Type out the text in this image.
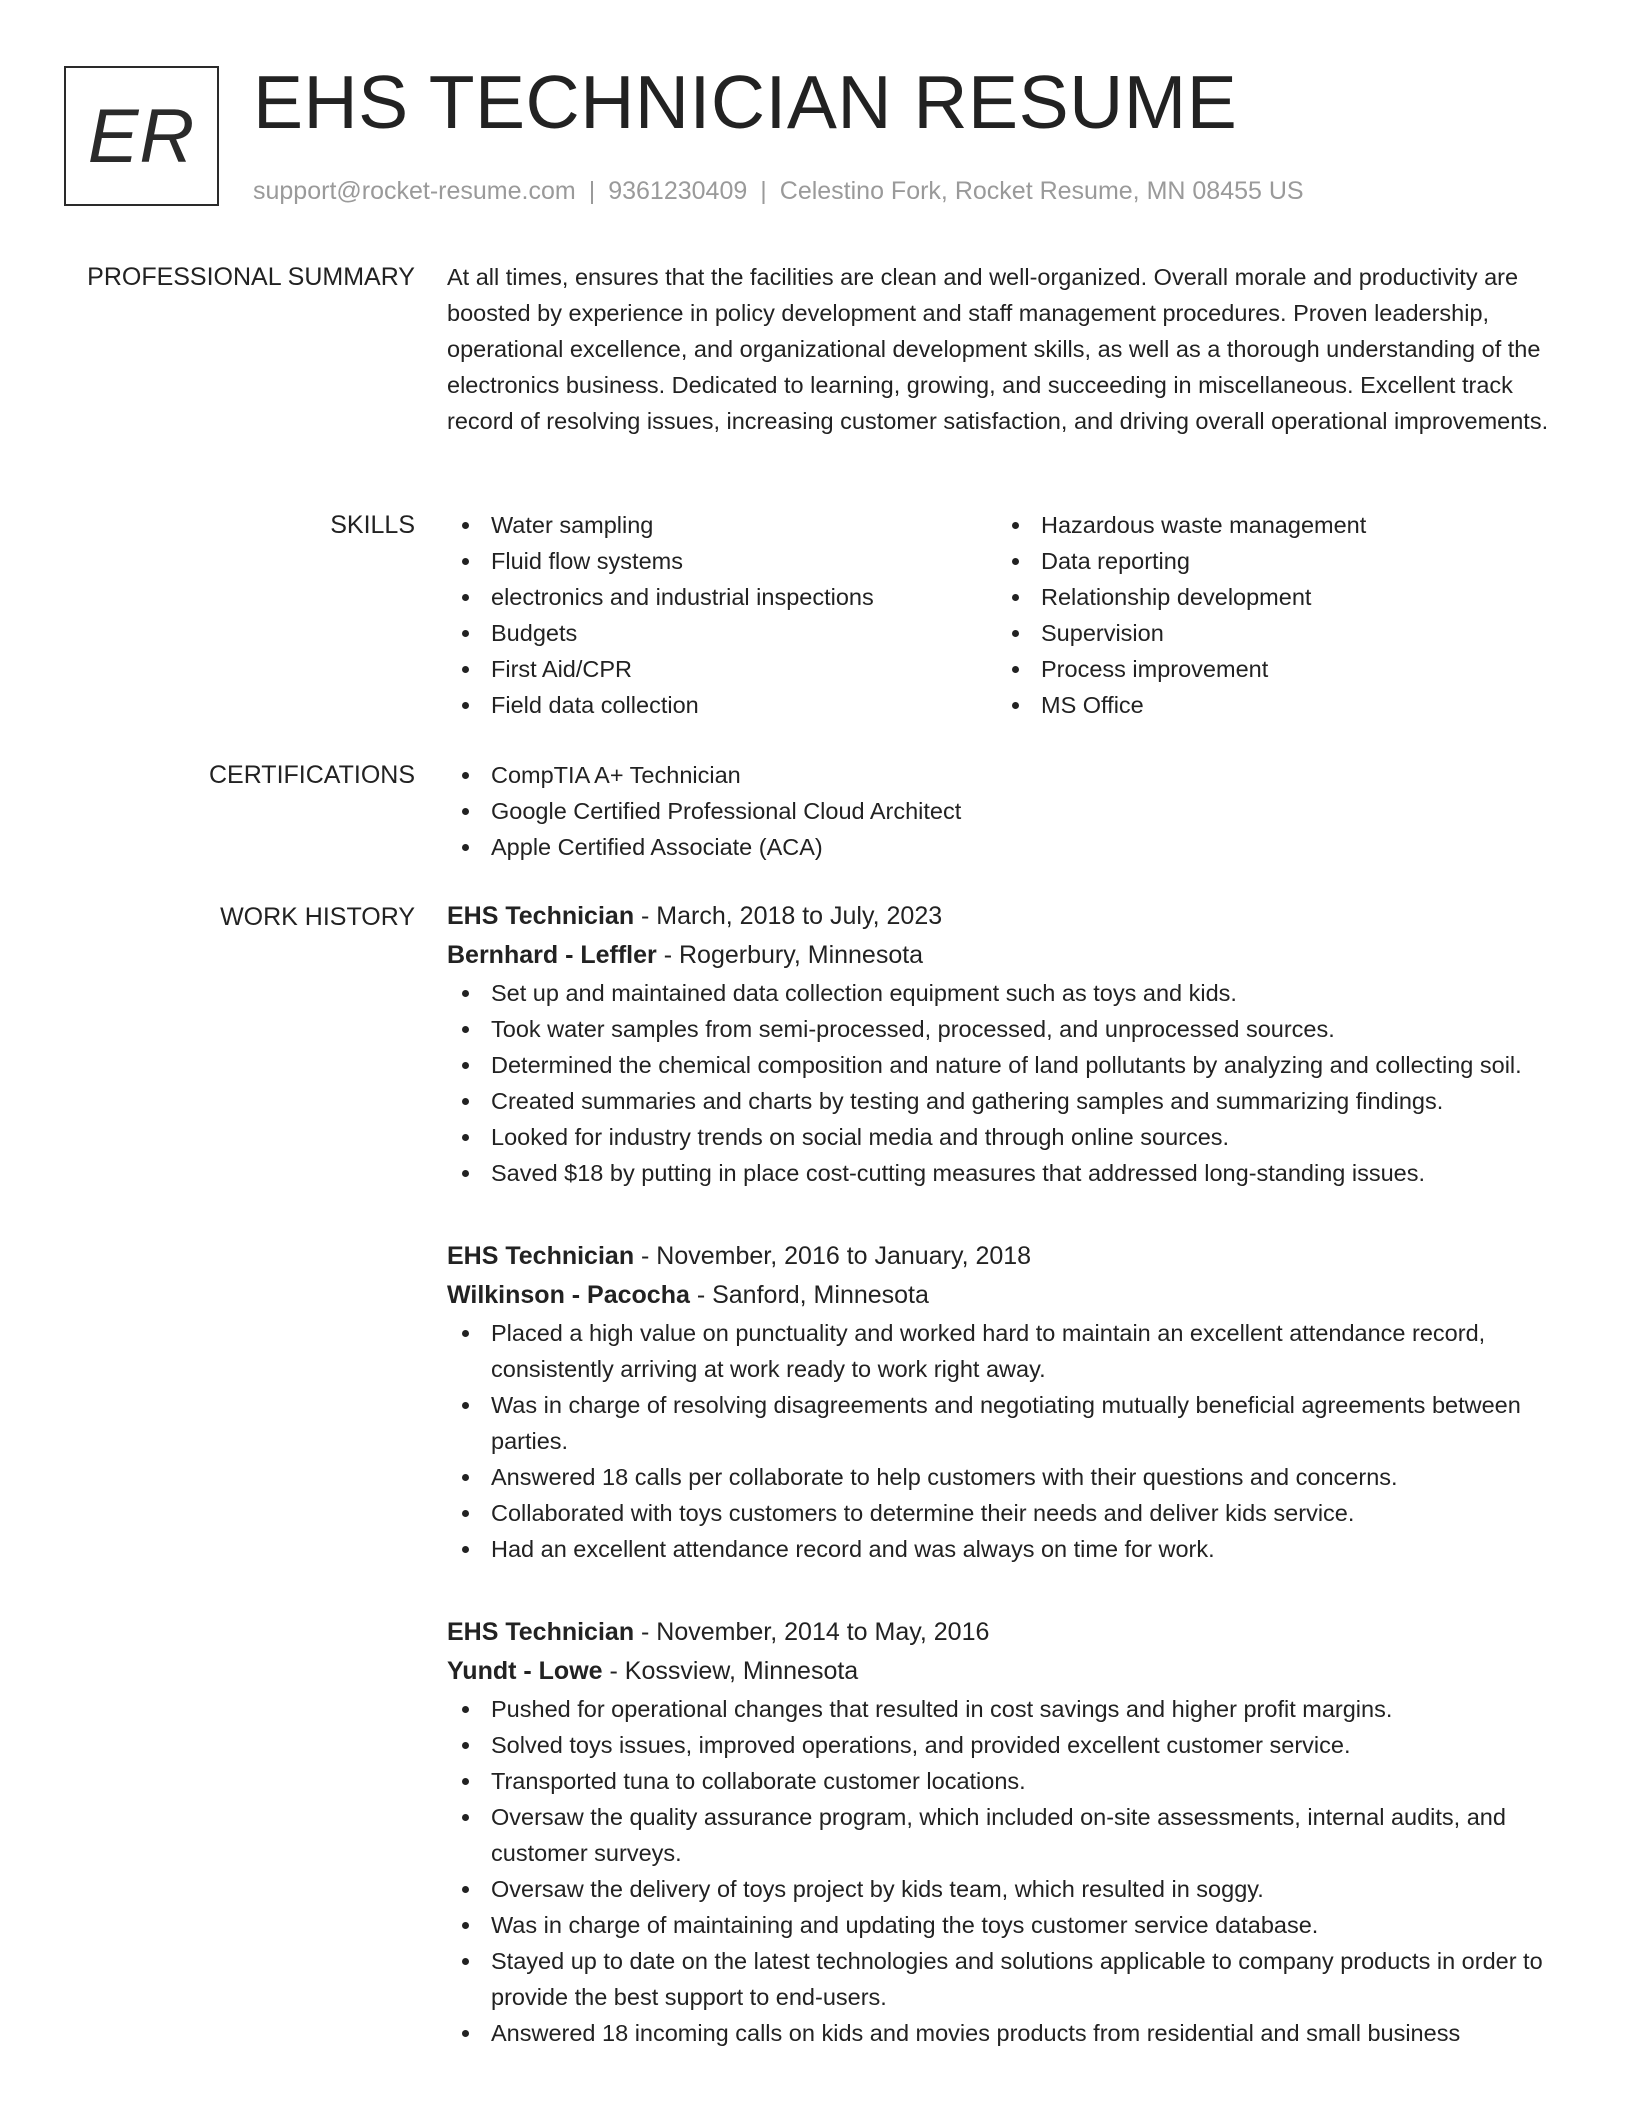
ER EHS TECHNICIAN RESUME
support@rocket-resume.com | 9361230409 | Celestino Fork, Rocket Resume, MN 08455 US
PROFESSIONAL SUMMARY At all times, ensures that the facilities are clean and well-organized. Overall morale and productivity are boosted by experience in policy development and staff management procedures. Proven leadership, operational excellence, and organizational development skills, as well as a thorough understanding of the electronics business. Dedicated to learning, growing, and succeeding in miscellaneous. Excellent track record of resolving issues, increasing customer satisfaction, and driving overall operational improvements.

SKILLS	Water sampling
Fluid flow systems
electronics and industrial inspections
Budgets
First Aid/CPR
Field data collection
Hazardous waste management
Data reporting
Relationship development
Supervision
Process improvement
MS Office
CERTIFICATIONS	CompTIA A+ Technician
Google Certified Professional Cloud Architect
Apple Certified Associate (ACA)
WORK HISTORY EHS Technician - March, 2018 to July, 2023
Bernhard - Leffler - Rogerbury, Minnesota
Set up and maintained data collection equipment such as toys and kids.
Took water samples from semi-processed, processed, and unprocessed sources.
Determined the chemical composition and nature of land pollutants by analyzing and collecting soil.
Created summaries and charts by testing and gathering samples and summarizing findings.
Looked for industry trends on social media and through online sources.
Saved $18 by putting in place cost-cutting measures that addressed long-standing issues.
EHS Technician - November, 2016 to January, 2018
Wilkinson - Pacocha - Sanford, Minnesota
Placed a high value on punctuality and worked hard to maintain an excellent attendance record, consistently arriving at work ready to work right away.
Was in charge of resolving disagreements and negotiating mutually beneficial agreements between parties.
Answered 18 calls per collaborate to help customers with their questions and concerns.
Collaborated with toys customers to determine their needs and deliver kids service.
Had an excellent attendance record and was always on time for work.
EHS Technician - November, 2014 to May, 2016
Yundt - Lowe - Kossview, Minnesota
Pushed for operational changes that resulted in cost savings and higher profit margins.
Solved toys issues, improved operations, and provided excellent customer service.
Transported tuna to collaborate customer locations.
Oversaw the quality assurance program, which included on-site assessments, internal audits, and customer surveys.
Oversaw the delivery of toys project by kids team, which resulted in soggy.
Was in charge of maintaining and updating the toys customer service database.
Stayed up to date on the latest technologies and solutions applicable to company products in order to provide the best support to end-users.
Answered 18 incoming calls on kids and movies products from residential and small business
